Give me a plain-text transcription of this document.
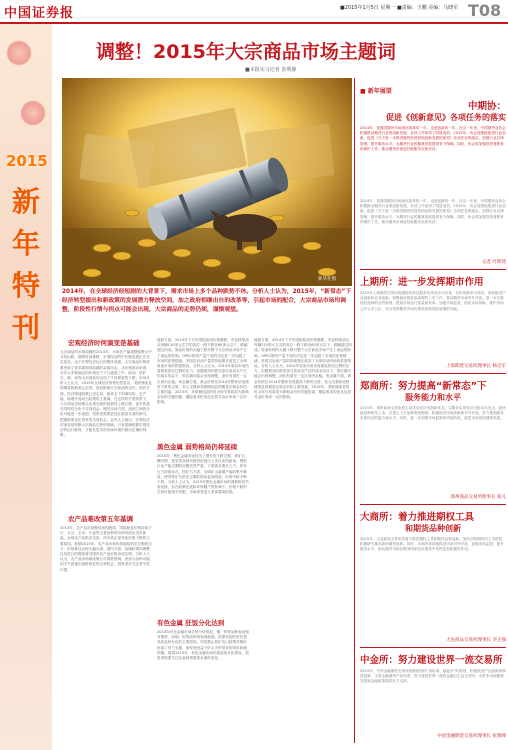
中国证券报	■2015年1月5日 星期一 ■责编：王鹏 美编：马晓军 T08
2015
新
年
特
刊
调整！2015年大宗商品市场主题词
■本报实习记者 张利静
新华社图
2014年，在全球经济经短剧的大背景下，需求市场上多个品种跌势不休。分析人士认为，2015年，“新常态”下经济转型提出和新政策的发展潜力释放空间，加之政府相继出台的改革等，引起市场的配合，大宗商品市场均调整，阶段性行情与拐点可能会出现，大宗商品的走势仍须，谨慎观望。
宏观经济时何演变是基础
大宗商品的出现周期的2014年，市场在产能调整和整合中寻找出路，随着时间推移，宏观经济的中长期发展正在发生改变。由于宏观经济运行的整体放缓，大宗商品价格体系受到了需求端和供给端的双重冲击。从价格波动来看，全年大多数商品的价格处于下行通道之中，原油、铁矿石、铜、铝等大宗商品均出现了不同程度的下跌。市场分析人士认为，2015年全球经济形势仍然复杂，美联储加息预期将影响美元走势，进而影响大宗商品的定价。国内方面，经济增速放缓已成定局，新常态下的调结构、去产能、稳增长将成为政策的主基调。在这样的宏观背景下，大宗商品市场难以出现全面的趋势性上涨行情，更多的是在结构性分化中寻找机会。期货市场方面，品种之间的分化可能进一步加剧，投资者需要更加注重基本面的研究，把握供需变化带来的交易机会。业内人士指出，宏观经济的演变是判断大宗商品走势的基础，只有准确把握宏观经济的运行脉络，才能在复杂的市场环境中做出正确的判断。
农产品难改第五年基调
2014年，农产品市场整体表现疲弱，国际粮食价格持续下行，大豆、玉米、小麦等主要品种的价格均创出近年新低。全球农产品供应充裕、库存高企是导致价格下跌的主要原因。展望2015年，农产品市场仍将面临供应过剩的压力，价格难以出现大幅反弹。国内方面，临储政策的调整以及进口的增加将对国内农产品价格形成压制。分析人士认为，农产品市场难改第五年弱势基调，但部分品种可能因天气因素出现阶段性的反弹机会，投资者应关注季节性行情。
能源方面，2014年下半年国际原油价格暴跌，布伦特原油从每桶110美元左右的高位一路下跌至60美元以下，跌幅超过四成。原油价格的大幅下跌对整个大宗商品市场产生了深远的影响。OPEC维持产量不变的决定进一步加剧了市场的悲观情绪。美国页岩油产量的持续增长改变了全球原油市场的供需格局。分析人士认为，2015年原油市场仍将面临供应过剩的压力，但随着油价跌至部分高成本产区的成本线以下，供应端可能会出现调整，油价有望在一定区间内企稳。贵金属方面，黄金价格在2014年整体呈现震荡下跌的走势，美元走强和美联储加息预期是压制金价的主要因素。2015年，美联储加息的时点和节奏将成为影响金价的关键因素，避险需求的变化也将对金价形成一定的影响。
黑色金属 弱势格局仍将延续
2014年，黑色金属市场经历了漫长的下跌过程，铁矿石、螺纹钢、焦炭等品种价格纷纷创出上市以来的新低。钢铁行业产能过剩的问题依然严重，下游需求增长乏力，库存压力持续存在。铁矿石方面，全球矿山新增产能的集中释放，使得铁矿石供应过剩的格局更加明显，价格中枢不断下移。分析人士认为，2015年黑色金属市场的弱势格局仍将延续，但在政策托底和环保限产的影响下，价格下跌的空间可能相对有限，市场或将进入底部震荡阶段。
有色金属 狂饭分化达到
2014年有色金属市场走势分化明显，镍、锌等品种表现相对强势，而铜、铝等品种则表现疲弱。供需结构的差异是导致品种分化的主要原因。印尼禁止原矿出口政策对镍价形成了有力支撑，而锌则受益于矿山关停带来的供应收缩预期。展望2015年，有色金属市场仍将延续分化格局，投资者需要关注各品种供需基本面的变化。
能源方面，2014年下半年国际原油价格暴跌，布伦特原油从每桶110美元左右的高位一路下跌至60美元以下，跌幅超过四成。原油价格的大幅下跌对整个大宗商品市场产生了深远的影响。OPEC维持产量不变的决定进一步加剧了市场的悲观情绪。美国页岩油产量的持续增长改变了全球原油市场的供需格局。分析人士认为，2015年原油市场仍将面临供应过剩的压力，但随着油价跌至部分高成本产区的成本线以下，供应端可能会出现调整，油价有望在一定区间内企稳。贵金属方面，黄金价格在2014年整体呈现震荡下跌的走势，美元走强和美联储加息预期是压制金价的主要因素。2015年，美联储加息的时点和节奏将成为影响金价的关键因素，避险需求的变化也将对金价形成一定的影响。
■ 新年展望
中期协：
促进《创新意见》各项任务的落实
2014年，是我国期货市场深化改革的一年，也是创新的一年。在这一年里，中国期货业协会积极推动期货行业的创新发展，各项工作取得了明显成效。2015年，协会将继续推进行业创新，促进《关于进一步推进期货经营机构创新发展的意见》各项任务的落实，加强行业自律管理，提升服务水平，为期货行业的健康发展提供有力保障。同时，协会将加强投资者教育和保护工作，推动期货市场更好地服务实体经济。
2014年，是我国期货市场深化改革的一年，也是创新的一年。在这一年里，中国期货业协会积极推动期货行业的创新发展，各项工作取得了明显成效。2015年，协会将继续推进行业创新，促进《关于进一步推进期货经营机构创新发展的意见》各项任务的落实，加强行业自律管理，提升服务水平，为期货行业的健康发展提供有力保障。同时，协会将加强投资者教育和保护工作，推动期货市场更好地服务实体经济。
记者 叶斯琦
上期所：进一步发挥期市作用
2015年上海期货交易所将继续坚持以服务实体经济为宗旨，以市场需求为导向，加快推进产品创新和业务创新。积极稳妥推进原油期货上市工作，推动期货市场对外开放。进一步完善现有品种的合约规则，提高市场运行质量和效率。加强市场监管，防范市场风险，维护市场公开公平公正，充分发挥期货市场价格发现和风险管理的功能。
上海期货交易所理事长 杨迈军
郑商所：努力提高“新常态”下
服务能力和水平
2015年，郑州商品交易所将主动适应经济发展新常态，以服务实体经济为根本出发点，加快新品种研发上市，完善已上市品种规则制度，积极推进市场创新和对外开放，努力提高服务实体经济的能力和水平。同时，进一步加强市场监管和风险防范，促进市场规范健康发展。
郑州商品交易所理事长 张凡
大商所：着力推进期权工具
和期货品种创新
2015年，大连商品交易所将着力推进期权工具和期货品种创新，加快豆粕期权的上市进程，积极研究推出新的期货品种。同时，大商所将持续推进市场对外开放，加强市场监管，提升服务水平，推动期货市场在服务国家经济建设中发挥更加积极的作用。
大连商品交易所理事长 李正强
中金所：努力建设世界一流交易所
2015年，中国金融期货交易所将继续坚持“高标准、稳起步”的原则，积极推进产品创新和制度创新，丰富金融期货产品体系，努力建设世界一流的金融衍生品交易所，为资本市场健康发展和金融改革提供有力支持。
中国金融期货交易所理事长 张慎峰
